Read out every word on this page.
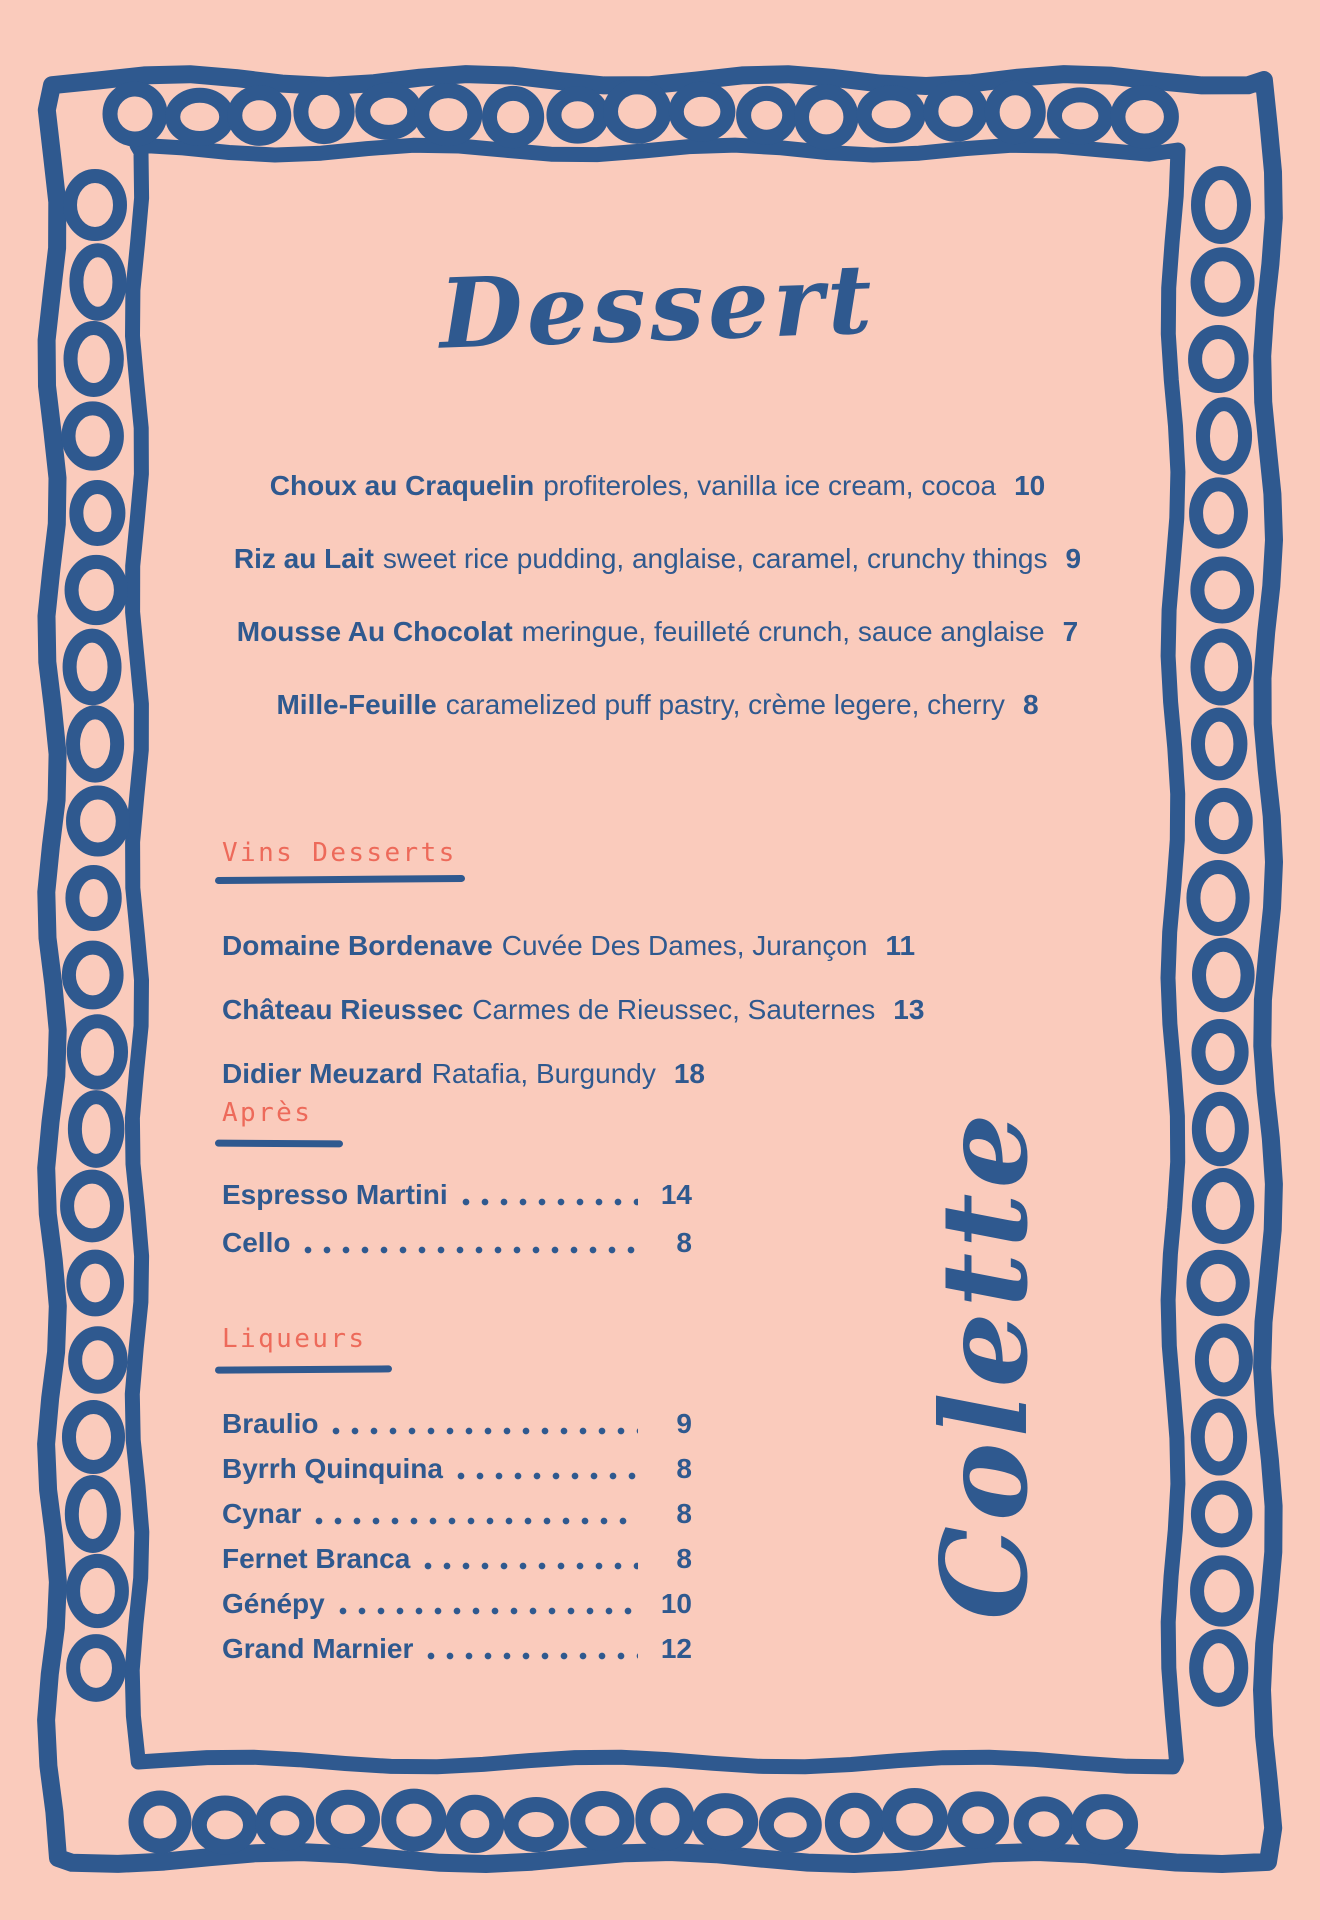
Dessert
Choux au Craquelin profiteroles, vanilla ice cream, cocoa 10
Riz au Lait sweet rice pudding, anglaise, caramel, crunchy things 9
Mousse Au Chocolat meringue, feuilleté crunch, sauce anglaise 7
Mille-Feuille caramelized puff pastry, crème legere, cherry 8
Vins Desserts
Domaine Bordenave Cuvée Des Dames, Jurançon 11
Château Rieussec Carmes de Rieussec, Sauternes 13
Didier Meuzard Ratafia, Burgundy 18
Après
Espresso Martini	14
Cello	8
Liqueurs
Braulio	9
Byrrh Quinquina	8
Cynar	8
Fernet Branca	8
Génépy	10
Grand Marnier	12
Colette
